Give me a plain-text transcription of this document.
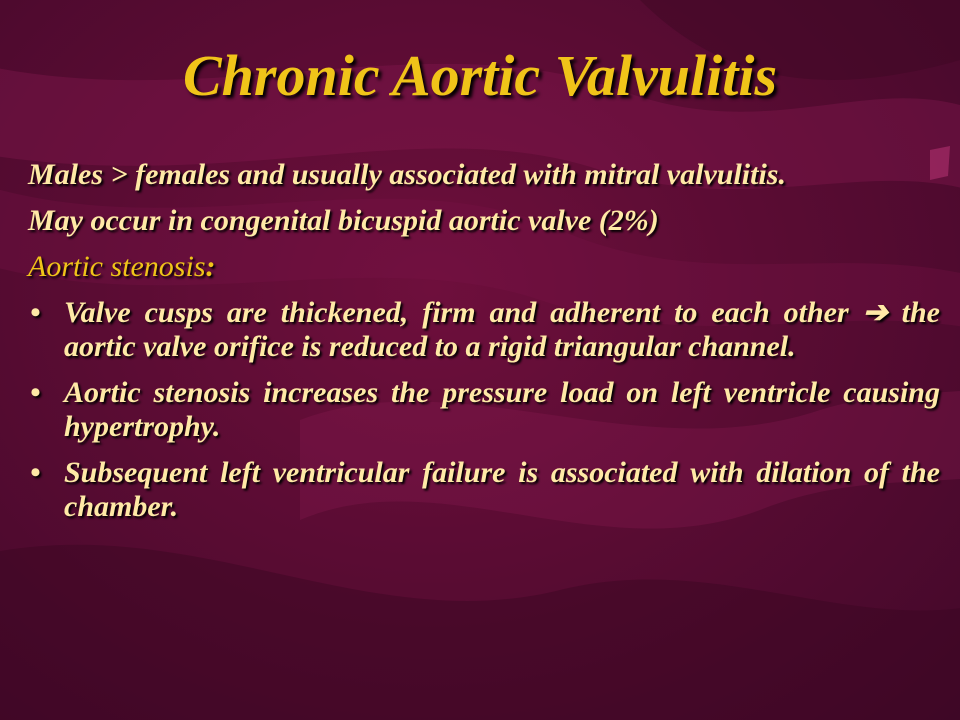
Chronic Aortic Valvulitis

Males > females and usually associated with mitral valvulitis.

May occur in congenital bicuspid aortic valve (2%)

Aortic stenosis:

• Valve cusps are thickened, firm and adherent to each other ➔ the aortic valve orifice is reduced to a rigid triangular channel.
• Aortic stenosis increases the pressure load on left ventricle causing hypertrophy.
• Subsequent left ventricular failure is associated with dilation of the chamber.
